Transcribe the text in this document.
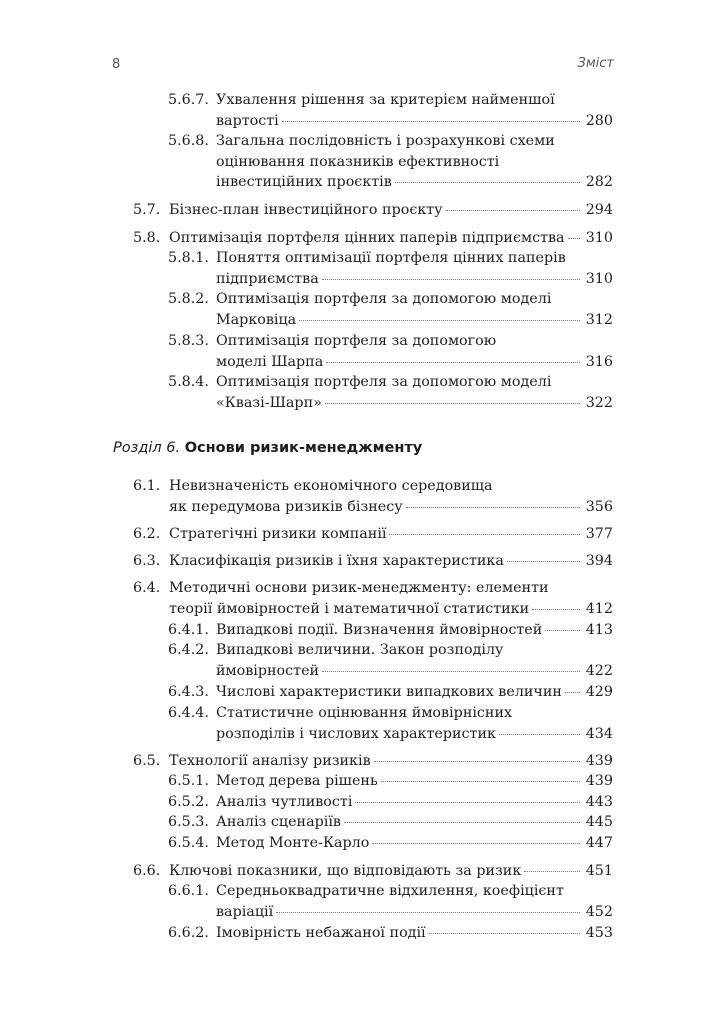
8	Зміст
Розділ 6. Основи ризик-менеджменту
5.6.7. Ухвалення рішення за критерієм найменшої
вартості	280
5.6.8. Загальна послідовність і розрахункові схеми
оцінювання показників ефективності
інвестиційних проєктів	282
5.7. Бізнес-план інвестиційного проєкту	294
5.8. Оптимізація портфеля цінних паперів підприємства	310
5.8.1. Поняття оптимізації портфеля цінних паперів
підприємства	310
5.8.2. Оптимізація портфеля за допомогою моделі
Марковіца	312
5.8.3. Оптимізація портфеля за допомогою
моделі Шарпа	316
5.8.4. Оптимізація портфеля за допомогою моделі
«Квазі-Шарп»	322
6.1. Невизначеність економічного середовища
як передумова ризиків бізнесу	356
6.2. Стратегічні ризики компанії	377
6.3. Класифікація ризиків і їхня характеристика	394
6.4. Методичні основи ризик-менеджменту: елементи
теорії ймовірностей і математичної статистики	412
6.4.1. Випадкові події. Визначення ймовірностей	413
6.4.2. Випадкові величини. Закон розподілу
ймовірностей	422
6.4.3. Числові характеристики випадкових величин	429
6.4.4. Статистичне оцінювання ймовірнісних
розподілів і числових характеристик	434
6.5. Технології аналізу ризиків	439
6.5.1. Метод дерева рішень	439
6.5.2. Аналіз чутливості	443
6.5.3. Аналіз сценаріїв	445
6.5.4. Метод Монте-Карло	447
6.6. Ключові показники, що відповідають за ризик	451
6.6.1. Середньоквадратичне відхилення, коефіцієнт
варіації	452
6.6.2. Імовірність небажаної події	453
